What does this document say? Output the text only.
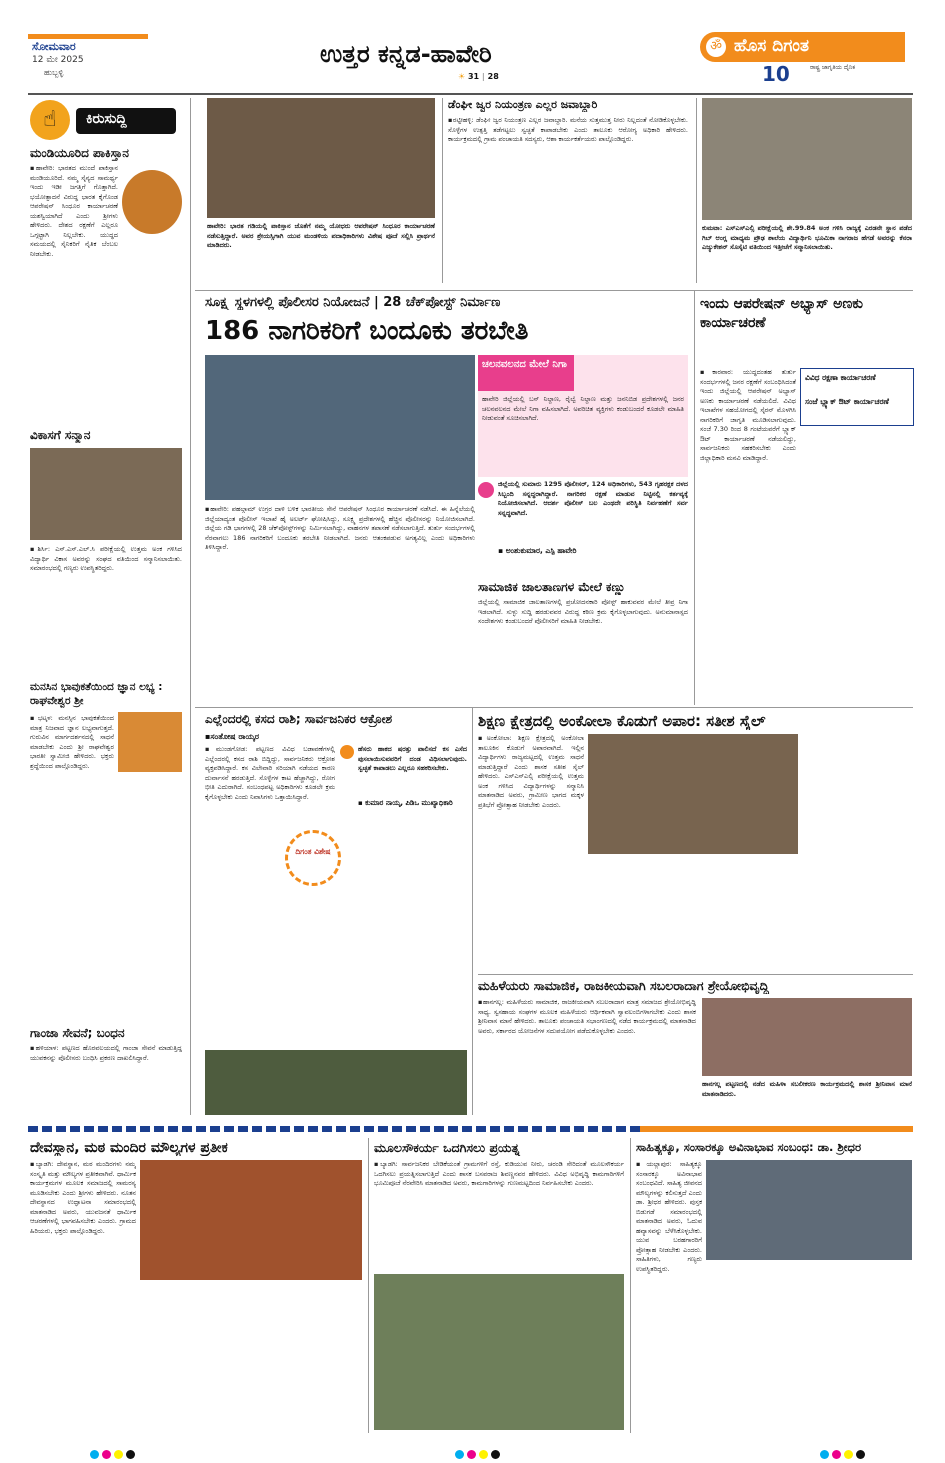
ಸೋಮವಾರ
12 ಮೇ 2025
ಹುಬ್ಬಳ್ಳಿ
ಉತ್ತರ ಕನ್ನಡ-ಹಾವೇರಿ
☀ 31 | 28
ॐ ಹೊಸ ದಿಗಂತ
ರಾಷ್ಟ್ರ ಜಾಗೃತಿಯ ದೈನಿಕ
10
☝	ಕಿರುಸುದ್ದಿ
ಮಂಡಿಯೂರಿದ ಪಾಕಿಸ್ತಾನ
▪ಹಾವೇರಿ: ಭಾರತದ ಮುಂದೆ ಪಾಕಿಸ್ತಾನ ಮಂಡಿಯೂರಿದೆ. ನಮ್ಮ ಸೈನ್ಯದ ಸಾಮರ್ಥ್ಯ ಇಂದು ಇಡೀ ಜಗತ್ತಿಗೆ ಗೊತ್ತಾಗಿದೆ. ಭಯೋತ್ಪಾದನೆ ವಿರುದ್ಧ ಭಾರತ ಕೈಗೊಂಡ ಆಪರೇಷನ್ ಸಿಂಧೂರ ಕಾರ್ಯಾಚರಣೆ ಯಶಸ್ವಿಯಾಗಿದೆ ಎಂದು ಶ್ರೀಗಳು ಹೇಳಿದರು. ದೇಶದ ರಕ್ಷಣೆಗೆ ಎಲ್ಲರೂ ಒಗ್ಗಟ್ಟಾಗಿ ನಿಲ್ಲಬೇಕು. ಯುದ್ಧದ ಸಮಯದಲ್ಲಿ ಸೈನಿಕರಿಗೆ ನೈತಿಕ ಬೆಂಬಲ ನೀಡಬೇಕು.
ವಿಕಾಸಗೆ ಸನ್ಮಾನ
▪ಶಿರ್ಸಿ: ಎಸ್.ಎಸ್.ಎಲ್.ಸಿ ಪರೀಕ್ಷೆಯಲ್ಲಿ ಉತ್ತಮ ಅಂಕ ಗಳಿಸಿದ ವಿದ್ಯಾರ್ಥಿ ವಿಕಾಸ ಅವರನ್ನು ಸಂಘದ ವತಿಯಿಂದ ಸನ್ಮಾನಿಸಲಾಯಿತು. ಸಮಾರಂಭದಲ್ಲಿ ಗಣ್ಯರು ಉಪಸ್ಥಿತರಿದ್ದರು.
ಮನಸಿನ ಭಾವುಕತೆಯಿಂದ ಜ್ಞಾನ ಲಭ್ಯ : ರಾಘವೇಶ್ವರ ಶ್ರೀ
▪ಭಟ್ಕಳ: ಮನಸ್ಸಿನ ಭಾವುಕತೆಯಿಂದ ಮಾತ್ರ ನಿಜವಾದ ಜ್ಞಾನ ಲಭ್ಯವಾಗುತ್ತದೆ. ಗುರುವಿನ ಮಾರ್ಗದರ್ಶನದಲ್ಲಿ ಸಾಧನೆ ಮಾಡಬೇಕು ಎಂದು ಶ್ರೀ ರಾಘವೇಶ್ವರ ಭಾರತೀ ಸ್ವಾಮೀಜಿ ಹೇಳಿದರು. ಭಕ್ತರು ಶ್ರದ್ಧೆಯಿಂದ ಪಾಲ್ಗೊಂಡಿದ್ದರು.
ಗಾಂಜಾ ಸೇವನೆ; ಬಂಧನ
▪ಹಳಿಯಾಳ: ಪಟ್ಟಣದ ಹೊರವಲಯದಲ್ಲಿ ಗಾಂಜಾ ಸೇವನೆ ಮಾಡುತ್ತಿದ್ದ ಯುವಕನನ್ನು ಪೊಲೀಸರು ಬಂಧಿಸಿ ಪ್ರಕರಣ ದಾಖಲಿಸಿದ್ದಾರೆ.
ಹಾವೇರಿ: ಭಾರತ ಗಡಿಯಲ್ಲಿ ಪಾಕಿಸ್ತಾನ ಜೊತೆಗೆ ನಮ್ಮ ಯೋಧರು ಆಪರೇಷನ್ ಸಿಂಧೂರ ಕಾರ್ಯಾಚರಣೆ ನಡೆಸುತ್ತಿದ್ದಾರೆ. ಅವರ ಶ್ರೇಯಸ್ಸಿಗಾಗಿ ಯುವ ಮಂಡಳಿಯ ಪದಾಧಿಕಾರಿಗಳು ವಿಶೇಷ ಪೂಜೆ ಸಲ್ಲಿಸಿ ಪ್ರಾರ್ಥನೆ ಮಾಡಿದರು.
ಡೆಂಘೀ ಜ್ವರ ನಿಯಂತ್ರಣ ಎಲ್ಲರ ಜವಾಬ್ದಾರಿ
▪ರಟ್ಟೀಹಳ್ಳಿ: ಡೆಂಘೀ ಜ್ವರ ನಿಯಂತ್ರಣ ಎಲ್ಲರ ಜವಾಬ್ದಾರಿ. ಮನೆಯ ಸುತ್ತಮುತ್ತ ನೀರು ನಿಲ್ಲದಂತೆ ನೋಡಿಕೊಳ್ಳಬೇಕು. ಸೊಳ್ಳೆಗಳ ಉತ್ಪತ್ತಿ ತಡೆಗಟ್ಟಲು ಸ್ವಚ್ಛತೆ ಕಾಪಾಡಬೇಕು ಎಂದು ತಾಲೂಕು ಆರೋಗ್ಯ ಅಧಿಕಾರಿ ಹೇಳಿದರು. ಕಾರ್ಯಕ್ರಮದಲ್ಲಿ ಗ್ರಾಮ ಪಂಚಾಯತಿ ಸದಸ್ಯರು, ಆಶಾ ಕಾರ್ಯಕರ್ತೆಯರು ಪಾಲ್ಗೊಂಡಿದ್ದರು.
ಕುಮಟಾ: ಎಸ್ಎಸ್ಎಲ್ಸಿ ಪರೀಕ್ಷೆಯಲ್ಲಿ ಶೇ.99.84 ಅಂಕ ಗಳಿಸಿ ರಾಜ್ಯಕ್ಕೆ ಎರಡನೇ ಸ್ಥಾನ ಪಡೆದ ಗಿಬ್ ಆಂಗ್ಲ ಮಾಧ್ಯಮ ಪ್ರೌಢ ಶಾಲೆಯ ವಿದ್ಯಾರ್ಥಿನಿ ಭೂಮಿಕಾ ನಾಗರಾಜ ಹೆಗಡೆ ಅವರನ್ನು ಕೆನರಾ ಎಜ್ಯುಕೇಶನ್ ಸೊಸೈಟಿ ವತಿಯಿಂದ ಇತ್ತೀಚೆಗೆ ಸನ್ಮಾನಿಸಲಾಯಿತು.
ಸೂಕ್ಷ್ಮ ಸ್ಥಳಗಳಲ್ಲಿ ಪೊಲೀಸರ ನಿಯೋಜನೆ | 28 ಚೆಕ್‌ಪೋಸ್ಟ್ ನಿರ್ಮಾಣ
186 ನಾಗರಿಕರಿಗೆ ಬಂದೂಕು ತರಬೇತಿ
ಚಲನವಲನದ ಮೇಲೆ ನಿಗಾ
ಹಾವೇರಿ ಜಿಲ್ಲೆಯಲ್ಲಿ ಬಸ್ ನಿಲ್ದಾಣ, ರೈಲ್ವೆ ನಿಲ್ದಾಣ ಮತ್ತು ಜನನಿಬಿಡ ಪ್ರದೇಶಗಳಲ್ಲಿ ಜನರ ಚಲನವಲನದ ಮೇಲೆ ನಿಗಾ ವಹಿಸಲಾಗಿದೆ. ಅಪರಿಚಿತ ವ್ಯಕ್ತಿಗಳು ಕಂಡುಬಂದರೆ ಕೂಡಲೇ ಮಾಹಿತಿ ನೀಡುವಂತೆ ಸೂಚಿಸಲಾಗಿದೆ.
ಜಿಲ್ಲೆಯಲ್ಲಿ ಸುಮಾರು 1295 ಪೊಲೀಸರ್, 124 ಅಧಿಕಾರಿಗಳು, 543 ಗೃಹರಕ್ಷಕ ದಳದ ಸಿಬ್ಬಂದಿ ಸನ್ನದ್ಧರಾಗಿದ್ದಾರೆ. ನಾಗರಿಕರ ರಕ್ಷಣೆ ಮಾಡುವ ನಿಟ್ಟಿನಲ್ಲಿ ಕರ್ತವ್ಯಕ್ಕೆ ನಿಯೋಜಿಸಲಾಗಿದೆ. ಆದರ್ಶ ಪೊಲೀಸ್ ಬಲ ಎಂಥದೇ ಪರಿಸ್ಥಿತಿ ನಿರ್ವಹಣೆಗೆ ಸರ್ವ ಸನ್ನದ್ಧವಾಗಿದೆ.
▪ ಅಂಶುಕುಮಾರ, ಎಸ್ಪಿ ಹಾವೇರಿ
▪ಹಾವೇರಿ: ಪಹಲ್ಗಾಮ್ ಉಗ್ರರ ದಾಳಿ ಬಳಿಕ ಭಾರತೀಯ ಸೇನೆ ಆಪರೇಷನ್ ಸಿಂಧೂರ ಕಾರ್ಯಾಚರಣೆ ನಡೆಸಿದೆ. ಈ ಹಿನ್ನೆಲೆಯಲ್ಲಿ ಜಿಲ್ಲೆಯಾದ್ಯಂತ ಪೊಲೀಸ್ ಇಲಾಖೆ ಹೈ ಅಲರ್ಟ್ ಘೋಷಿಸಿದ್ದು, ಸೂಕ್ಷ್ಮ ಪ್ರದೇಶಗಳಲ್ಲಿ ಹೆಚ್ಚಿನ ಪೊಲೀಸರನ್ನು ನಿಯೋಜಿಸಲಾಗಿದೆ. ಜಿಲ್ಲೆಯ ಗಡಿ ಭಾಗಗಳಲ್ಲಿ 28 ಚೆಕ್‌ಪೋಸ್ಟ್‌ಗಳನ್ನು ನಿರ್ಮಿಸಲಾಗಿದ್ದು, ವಾಹನಗಳ ತಪಾಸಣೆ ನಡೆಸಲಾಗುತ್ತಿದೆ. ತುರ್ತು ಸಂದರ್ಭಗಳಲ್ಲಿ ನೆರವಾಗಲು 186 ನಾಗರಿಕರಿಗೆ ಬಂದೂಕು ತರಬೇತಿ ನೀಡಲಾಗಿದೆ. ಜನರು ಆತಂಕಪಡುವ ಅಗತ್ಯವಿಲ್ಲ ಎಂದು ಅಧಿಕಾರಿಗಳು ತಿಳಿಸಿದ್ದಾರೆ.
ಸಾಮಾಜಿಕ ಜಾಲತಾಣಗಳ ಮೇಲೆ ಕಣ್ಣು
ಜಿಲ್ಲೆಯಲ್ಲಿ ಸಾಮಾಜಿಕ ಜಾಲತಾಣಗಳಲ್ಲಿ ಪ್ರಚೋದನಕಾರಿ ಪೋಸ್ಟ್ ಹಾಕುವವರ ಮೇಲೆ ತೀವ್ರ ನಿಗಾ ಇಡಲಾಗಿದೆ. ಸುಳ್ಳು ಸುದ್ದಿ ಹರಡುವವರ ವಿರುದ್ಧ ಕಠಿಣ ಕ್ರಮ ಕೈಗೊಳ್ಳಲಾಗುವುದು. ಅನುಮಾನಾಸ್ಪದ ಸಂದೇಶಗಳು ಕಂಡುಬಂದರೆ ಪೊಲೀಸರಿಗೆ ಮಾಹಿತಿ ನೀಡಬೇಕು.
ಇಂದು ಆಪರೇಷನ್ ಅಭ್ಯಾಸ್ ಅಣಕು ಕಾರ್ಯಾಚರಣೆ
ವಿವಿಧ ರಕ್ಷಣಾ ಕಾರ್ಯಾಚರಣೆ
ಸಂಜೆ ಬ್ಲ್ಯಾಕ್ ಔಟ್ ಕಾರ್ಯಾಚರಣೆ
▪ಕಾರವಾರ: ಯುದ್ಧದಂತಹ ತುರ್ತು ಸಂದರ್ಭಗಳಲ್ಲಿ ಜನರ ರಕ್ಷಣೆಗೆ ಸಂಬಂಧಿಸಿದಂತೆ ಇಂದು ಜಿಲ್ಲೆಯಲ್ಲಿ ಆಪರೇಷನ್ ಅಭ್ಯಾಸ್ ಅಣಕು ಕಾರ್ಯಾಚರಣೆ ನಡೆಯಲಿದೆ. ವಿವಿಧ ಇಲಾಖೆಗಳ ಸಹಯೋಗದಲ್ಲಿ ಸೈರನ್ ಮೊಳಗಿಸಿ ನಾಗರಿಕರಿಗೆ ಜಾಗೃತಿ ಮೂಡಿಸಲಾಗುವುದು. ಸಂಜೆ 7.30 ರಿಂದ 8 ಗಂಟೆಯವರೆಗೆ ಬ್ಲ್ಯಾಕ್ ಔಟ್ ಕಾರ್ಯಾಚರಣೆ ನಡೆಯಲಿದ್ದು, ಸಾರ್ವಜನಿಕರು ಸಹಕರಿಸಬೇಕು ಎಂದು ಜಿಲ್ಲಾಧಿಕಾರಿ ಮನವಿ ಮಾಡಿದ್ದಾರೆ.
ಎಲ್ಲೆಂದರಲ್ಲಿ ಕಸದ ರಾಶಿ; ಸಾರ್ವಜನಿಕರ ಆಕ್ರೋಶ
▪ಸಂತೋಷ ರಾಯ್ಕರ
▪ಮುಂಡಗೋಡ: ಪಟ್ಟಣದ ವಿವಿಧ ಬಡಾವಣೆಗಳಲ್ಲಿ ಎಲ್ಲೆಂದರಲ್ಲಿ ಕಸದ ರಾಶಿ ಬಿದ್ದಿದ್ದು, ಸಾರ್ವಜನಿಕರು ಆಕ್ರೋಶ ವ್ಯಕ್ತಪಡಿಸಿದ್ದಾರೆ. ಕಸ ವಿಲೇವಾರಿ ಸರಿಯಾಗಿ ನಡೆಯದ ಕಾರಣ ದುರ್ವಾಸನೆ ಹರಡುತ್ತಿದೆ. ಸೊಳ್ಳೆಗಳ ಕಾಟ ಹೆಚ್ಚಾಗಿದ್ದು, ರೋಗ ಭೀತಿ ಎದುರಾಗಿದೆ. ಸಂಬಂಧಪಟ್ಟ ಅಧಿಕಾರಿಗಳು ಕೂಡಲೇ ಕ್ರಮ ಕೈಗೊಳ್ಳಬೇಕು ಎಂದು ನಿವಾಸಿಗಳು ಒತ್ತಾಯಿಸಿದ್ದಾರೆ.
ಹೆಸರು ಹಾಕದ ಷರತ್ತು ಪಾಲಿಸದೆ ಕಸ ಎಸೆದ ಪುಸಲಾಯಿಸುವವರಿಗೆ ದಂಡ ವಿಧಿಸಲಾಗುವುದು. ಸ್ವಚ್ಛತೆ ಕಾಪಾಡಲು ಎಲ್ಲರೂ ಸಹಕರಿಸಬೇಕು.
▪ ಕುಮಾರ ನಾಯ್ಕ, ಪಿಡಿಒ ಮುಖ್ಯಾಧಿಕಾರಿ
ದಿಗಂತ ವಿಶೇಷ
ಶಿಕ್ಷಣ ಕ್ಷೇತ್ರದಲ್ಲಿ ಅಂಕೋಲಾ ಕೊಡುಗೆ ಅಪಾರ: ಸತೀಶ ಸೈಲ್
▪ಅಂಕೋಲಾ: ಶಿಕ್ಷಣ ಕ್ಷೇತ್ರದಲ್ಲಿ ಅಂಕೋಲಾ ತಾಲೂಕಿನ ಕೊಡುಗೆ ಅಪಾರವಾಗಿದೆ. ಇಲ್ಲಿನ ವಿದ್ಯಾರ್ಥಿಗಳು ರಾಜ್ಯಮಟ್ಟದಲ್ಲಿ ಉತ್ತಮ ಸಾಧನೆ ಮಾಡುತ್ತಿದ್ದಾರೆ ಎಂದು ಶಾಸಕ ಸತೀಶ ಸೈಲ್ ಹೇಳಿದರು. ಎಸ್ಎಸ್ಎಲ್ಸಿ ಪರೀಕ್ಷೆಯಲ್ಲಿ ಉತ್ತಮ ಅಂಕ ಗಳಿಸಿದ ವಿದ್ಯಾರ್ಥಿಗಳನ್ನು ಸನ್ಮಾನಿಸಿ ಮಾತನಾಡಿದ ಅವರು, ಗ್ರಾಮೀಣ ಭಾಗದ ಮಕ್ಕಳ ಪ್ರತಿಭೆಗೆ ಪ್ರೋತ್ಸಾಹ ನೀಡಬೇಕು ಎಂದರು.
ಮಹಿಳೆಯರು ಸಾಮಾಜಿಕ, ರಾಜಕೀಯವಾಗಿ ಸಬಲರಾದಾಗ ಶ್ರೇಯೋಭಿವೃದ್ಧಿ
▪ಹಾನಗಲ್ಲ: ಮಹಿಳೆಯರು ಸಾಮಾಜಿಕ, ರಾಜಕೀಯವಾಗಿ ಸಬಲರಾದಾಗ ಮಾತ್ರ ಸಮಾಜದ ಶ್ರೇಯೋಭಿವೃದ್ಧಿ ಸಾಧ್ಯ. ಸ್ವಸಹಾಯ ಸಂಘಗಳ ಮೂಲಕ ಮಹಿಳೆಯರು ಆರ್ಥಿಕವಾಗಿ ಸ್ವಾವಲಂಬಿಗಳಾಗಬೇಕು ಎಂದು ಶಾಸಕ ಶ್ರೀನಿವಾಸ ಮಾನೆ ಹೇಳಿದರು. ತಾಲೂಕು ಪಂಚಾಯತಿ ಸಭಾಂಗಣದಲ್ಲಿ ನಡೆದ ಕಾರ್ಯಕ್ರಮದಲ್ಲಿ ಮಾತನಾಡಿದ ಅವರು, ಸರ್ಕಾರದ ಯೋಜನೆಗಳ ಸದುಪಯೋಗ ಪಡೆದುಕೊಳ್ಳಬೇಕು ಎಂದರು.
ಹಾನಗಲ್ಲ ಪಟ್ಟಣದಲ್ಲಿ ನಡೆದ ಮಹಿಳಾ ಸಬಲೀಕರಣ ಕಾರ್ಯಕ್ರಮದಲ್ಲಿ ಶಾಸಕ ಶ್ರೀನಿವಾಸ ಮಾನೆ ಮಾತನಾಡಿದರು.
ದೇವಸ್ಥಾನ, ಮಠ ಮಂದಿರ ಮೌಲ್ಯಗಳ ಪ್ರತೀಕ
▪ಬ್ಯಾಡಗಿ: ದೇವಸ್ಥಾನ, ಮಠ ಮಂದಿರಗಳು ನಮ್ಮ ಸಂಸ್ಕೃತಿ ಮತ್ತು ಮೌಲ್ಯಗಳ ಪ್ರತೀಕವಾಗಿವೆ. ಧಾರ್ಮಿಕ ಕಾರ್ಯಕ್ರಮಗಳ ಮೂಲಕ ಸಮಾಜದಲ್ಲಿ ಸಾಮರಸ್ಯ ಮೂಡಿಸಬೇಕು ಎಂದು ಶ್ರೀಗಳು ಹೇಳಿದರು. ನೂತನ ದೇವಸ್ಥಾನದ ಉದ್ಘಾಟನಾ ಸಮಾರಂಭದಲ್ಲಿ ಮಾತನಾಡಿದ ಅವರು, ಯುವಜನತೆ ಧಾರ್ಮಿಕ ಆಚರಣೆಗಳಲ್ಲಿ ಭಾಗವಹಿಸಬೇಕು ಎಂದರು. ಗ್ರಾಮದ ಹಿರಿಯರು, ಭಕ್ತರು ಪಾಲ್ಗೊಂಡಿದ್ದರು.
ಮೂಲಸೌಕರ್ಯ ಒದಗಿಸಲು ಪ್ರಯತ್ನ
▪ಬ್ಯಾಡಗಿ: ಸಾರ್ವಜನಿಕರ ಬೇಡಿಕೆಯಂತೆ ಗ್ರಾಮಗಳಿಗೆ ರಸ್ತೆ, ಕುಡಿಯುವ ನೀರು, ಚರಂಡಿ ಸೇರಿದಂತೆ ಮೂಲಸೌಕರ್ಯ ಒದಗಿಸಲು ಪ್ರಯತ್ನಿಸಲಾಗುತ್ತಿದೆ ಎಂದು ಶಾಸಕ ಬಸವರಾಜ ಶಿವಣ್ಣನವರ ಹೇಳಿದರು. ವಿವಿಧ ಅಭಿವೃದ್ಧಿ ಕಾಮಗಾರಿಗಳಿಗೆ ಭೂಮಿಪೂಜೆ ನೆರವೇರಿಸಿ ಮಾತನಾಡಿದ ಅವರು, ಕಾಮಗಾರಿಗಳನ್ನು ಗುಣಮಟ್ಟದಿಂದ ನಿರ್ವಹಿಸಬೇಕು ಎಂದರು.
ಸಾಹಿತ್ಯಕ್ಕೂ, ಸಂಸಾರಕ್ಕೂ ಅವಿನಾಭಾವ ಸಂಬಂಧ: ಡಾ. ಶ್ರೀಧರ
▪ಯಲ್ಲಾಪುರ: ಸಾಹಿತ್ಯಕ್ಕೂ ಸಂಸಾರಕ್ಕೂ ಅವಿನಾಭಾವ ಸಂಬಂಧವಿದೆ. ಸಾಹಿತ್ಯ ಜೀವನದ ಮೌಲ್ಯಗಳನ್ನು ಕಲಿಸುತ್ತದೆ ಎಂದು ಡಾ. ಶ್ರೀಧರ ಹೇಳಿದರು. ಪುಸ್ತಕ ಬಿಡುಗಡೆ ಸಮಾರಂಭದಲ್ಲಿ ಮಾತನಾಡಿದ ಅವರು, ಓದುವ ಹವ್ಯಾಸವನ್ನು ಬೆಳೆಸಿಕೊಳ್ಳಬೇಕು. ಯುವ ಬರಹಗಾರರಿಗೆ ಪ್ರೋತ್ಸಾಹ ನೀಡಬೇಕು ಎಂದರು. ಸಾಹಿತಿಗಳು, ಗಣ್ಯರು ಉಪಸ್ಥಿತರಿದ್ದರು.
